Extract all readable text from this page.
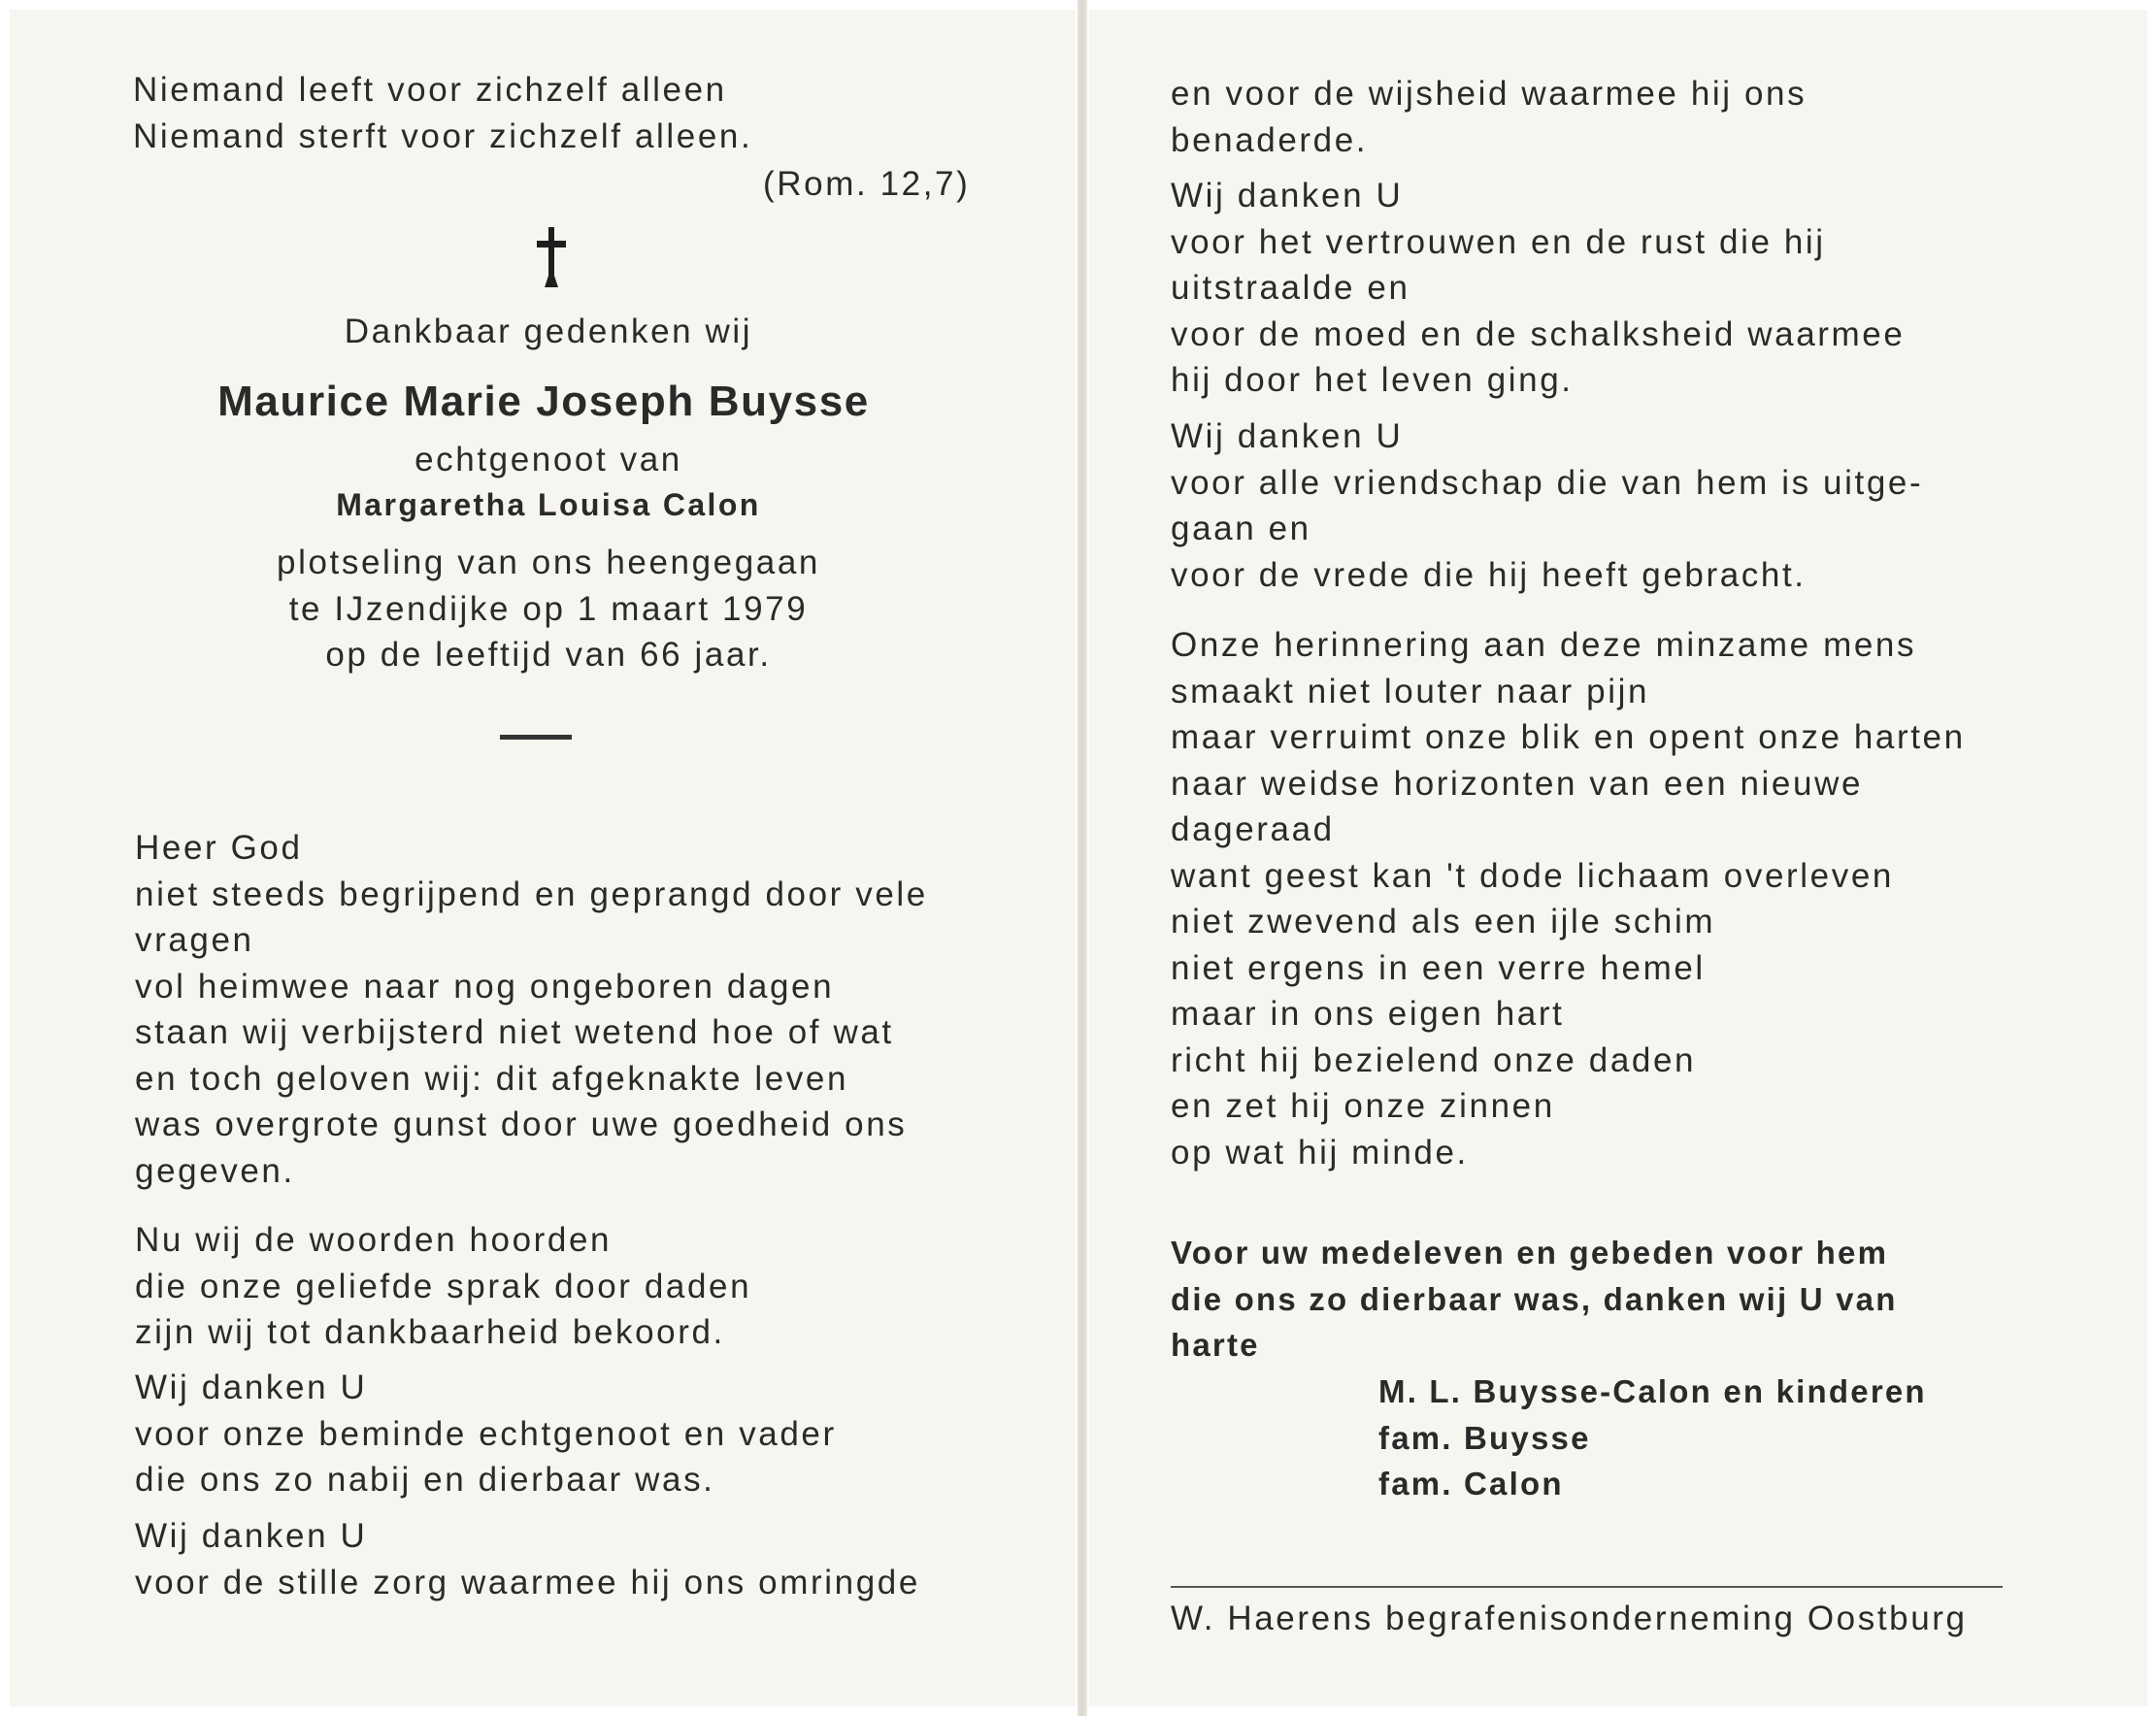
Niemand leeft voor zichzelf alleen
Niemand sterft voor zichzelf alleen.

(Rom. 12,7)

Dankbaar gedenken wij

Maurice Marie Joseph Buysse

echtgenoot van

Margaretha Louisa Calon

plotseling van ons heengegaan
te IJzendijke op 1 maart 1979
op de leeftijd van 66 jaar.
Heer God
niet steeds begrijpend en geprangd door vele
vragen
vol heimwee naar nog ongeboren dagen
staan wij verbijsterd niet wetend hoe of wat
en toch geloven wij: dit afgeknakte leven
was overgrote gunst door uwe goedheid ons
gegeven.
Nu wij de woorden hoorden
die onze geliefde sprak door daden
zijn wij tot dankbaarheid bekoord.
Wij danken U
voor onze beminde echtgenoot en vader
die ons zo nabij en dierbaar was.
Wij danken U
voor de stille zorg waarmee hij ons omringde
en voor de wijsheid waarmee hij ons
benaderde.
Wij danken U
voor het vertrouwen en de rust die hij
uitstraalde en
voor de moed en de schalksheid waarmee
hij door het leven ging.
Wij danken U
voor alle vriendschap die van hem is uitge-
gaan en
voor de vrede die hij heeft gebracht.
Onze herinnering aan deze minzame mens
smaakt niet louter naar pijn
maar verruimt onze blik en opent onze harten
naar weidse horizonten van een nieuwe
dageraad
want geest kan 't dode lichaam overleven
niet zwevend als een ijle schim
niet ergens in een verre hemel
maar in ons eigen hart
richt hij bezielend onze daden
en zet hij onze zinnen
op wat hij minde.
Voor uw medeleven en gebeden voor hem
die ons zo dierbaar was, danken wij U van
harte
M. L. Buysse-Calon en kinderen
fam. Buysse
fam. Calon

W. Haerens begrafenisonderneming Oostburg
